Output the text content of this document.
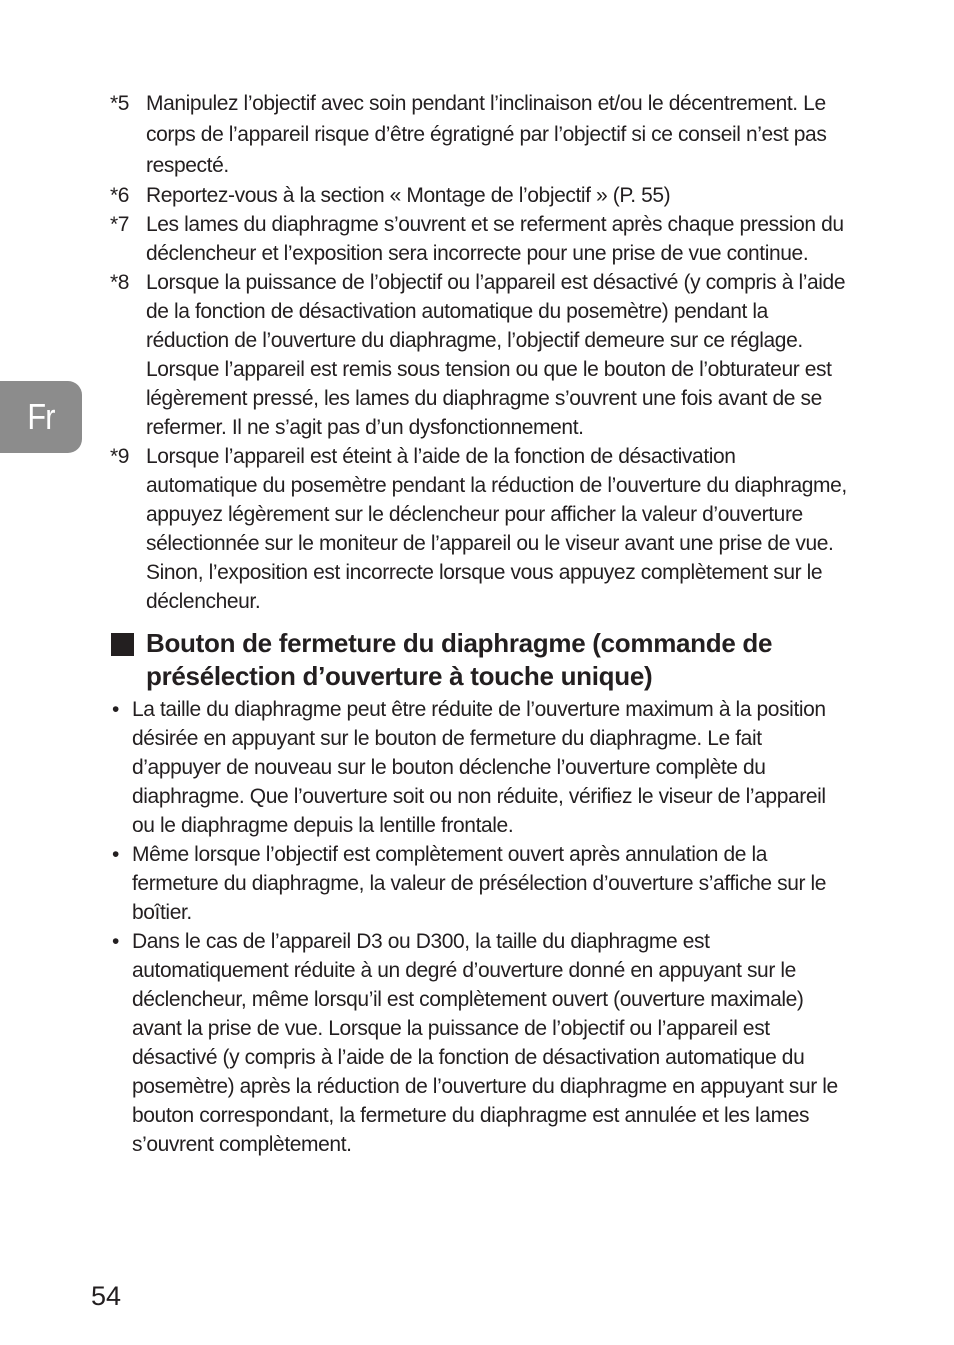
Fr

*5 Manipulez l’objectif avec soin pendant l’inclinaison et/ou le décentrement. Le corps de l’appareil risque d’être égratigné par l’objectif si ce conseil n’est pas respecté.

*6 Reportez-vous à la section « Montage de l’objectif » (P. 55)

*7 Les lames du diaphragme s’ouvrent et se referment après chaque pression du déclencheur et l’exposition sera incorrecte pour une prise de vue continue.

*8 Lorsque la puissance de l’objectif ou l’appareil est désactivé (y compris à l’aide de la fonction de désactivation automatique du posemètre) pendant la réduction de l’ouverture du diaphragme, l’objectif demeure sur ce réglage. Lorsque l’appareil est remis sous tension ou que le bouton de l’obturateur est légèrement pressé, les lames du diaphragme s’ouvrent une fois avant de se refermer. Il ne s’agit pas d’un dysfonctionnement.

*9 Lorsque l’appareil est éteint à l’aide de la fonction de désactivation automatique du posemètre pendant la réduction de l’ouverture du diaphragme, appuyez légèrement sur le déclencheur pour afficher la valeur d’ouverture sélectionnée sur le moniteur de l’appareil ou le viseur avant une prise de vue. Sinon, l’exposition est incorrecte lorsque vous appuyez complètement sur le déclencheur.

Bouton de fermeture du diaphragme (commande de présélection d’ouverture à touche unique)
• La taille du diaphragme peut être réduite de l’ouverture maximum à la position désirée en appuyant sur le bouton de fermeture du diaphragme. Le fait d’appuyer de nouveau sur le bouton déclenche l’ouverture complète du diaphragme. Que l’ouverture soit ou non réduite, vérifiez le viseur de l’appareil ou le diaphragme depuis la lentille frontale.
• Même lorsque l’objectif est complètement ouvert après annulation de la fermeture du diaphragme, la valeur de présélection d’ouverture s’affiche sur le boîtier.
• Dans le cas de l’appareil D3 ou D300, la taille du diaphragme est automatiquement réduite à un degré d’ouverture donné en appuyant sur le déclencheur, même lorsqu’il est complètement ouvert (ouverture maximale) avant la prise de vue. Lorsque la puissance de l’objectif ou l’appareil est désactivé (y compris à l’aide de la fonction de désactivation automatique du posemètre) après la réduction de l’ouverture du diaphragme en appuyant sur le bouton correspondant, la fermeture du diaphragme est annulée et les lames s’ouvrent complètement.
54
